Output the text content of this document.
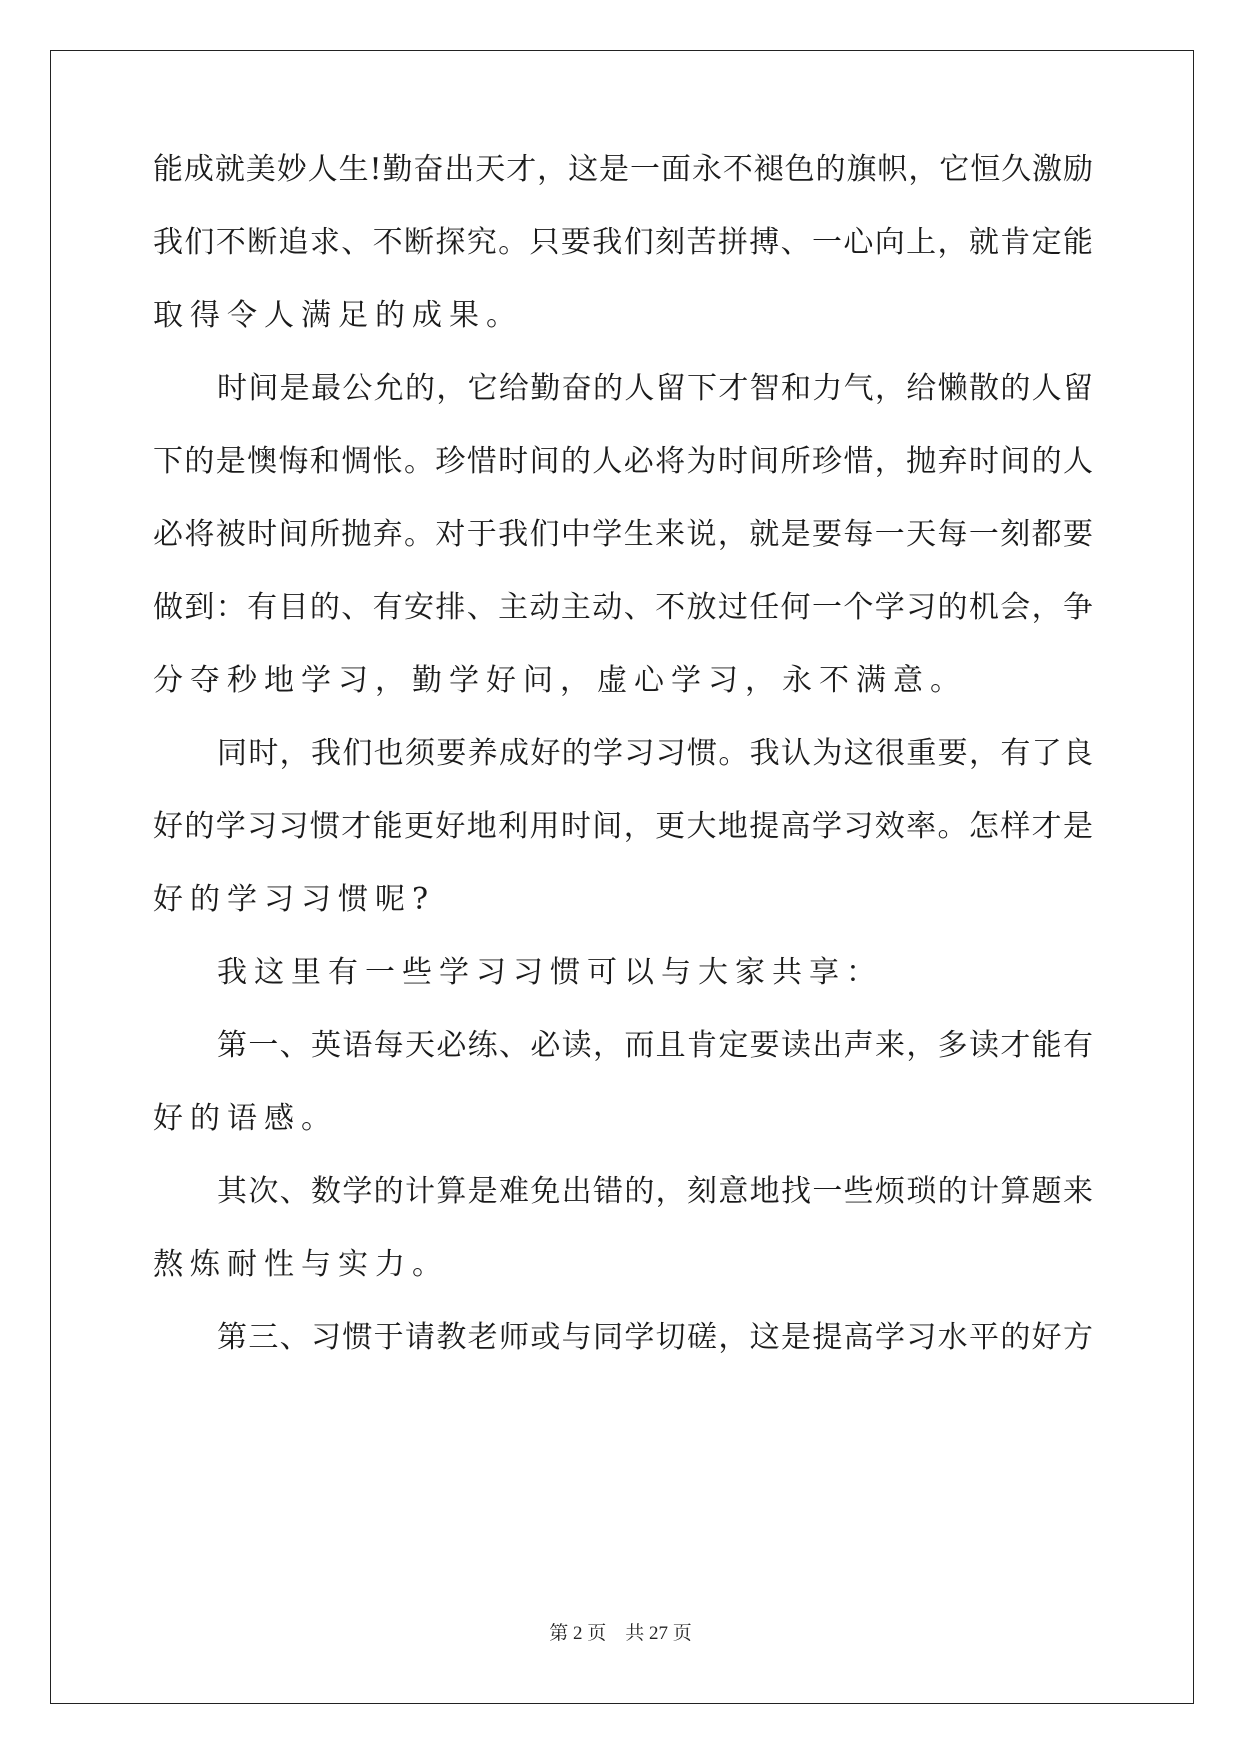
能成就美妙人生!勤奋出天才，这是一面永不褪色的旗帜，它恒久激励
我们不断追求、不断探究。只要我们刻苦拼搏、一心向上，就肯定能
取得令人满足的成果。
时间是最公允的，它给勤奋的人留下才智和力气，给懒散的人留
下的是懊悔和惆怅。珍惜时间的人必将为时间所珍惜，抛弃时间的人
必将被时间所抛弃。对于我们中学生来说，就是要每一天每一刻都要
做到：有目的、有安排、主动主动、不放过任何一个学习的机会，争
分夺秒地学习，勤学好问，虚心学习，永不满意。
同时，我们也须要养成好的学习习惯。我认为这很重要，有了良
好的学习习惯才能更好地利用时间，更大地提高学习效率。怎样才是
好的学习习惯呢?
我这里有一些学习习惯可以与大家共享：
第一、英语每天必练、必读，而且肯定要读出声来，多读才能有
好的语感。
其次、数学的计算是难免出错的，刻意地找一些烦琐的计算题来
熬炼耐性与实力。
第三、习惯于请教老师或与同学切磋，这是提高学习水平的好方
第 2 页　共 27 页
